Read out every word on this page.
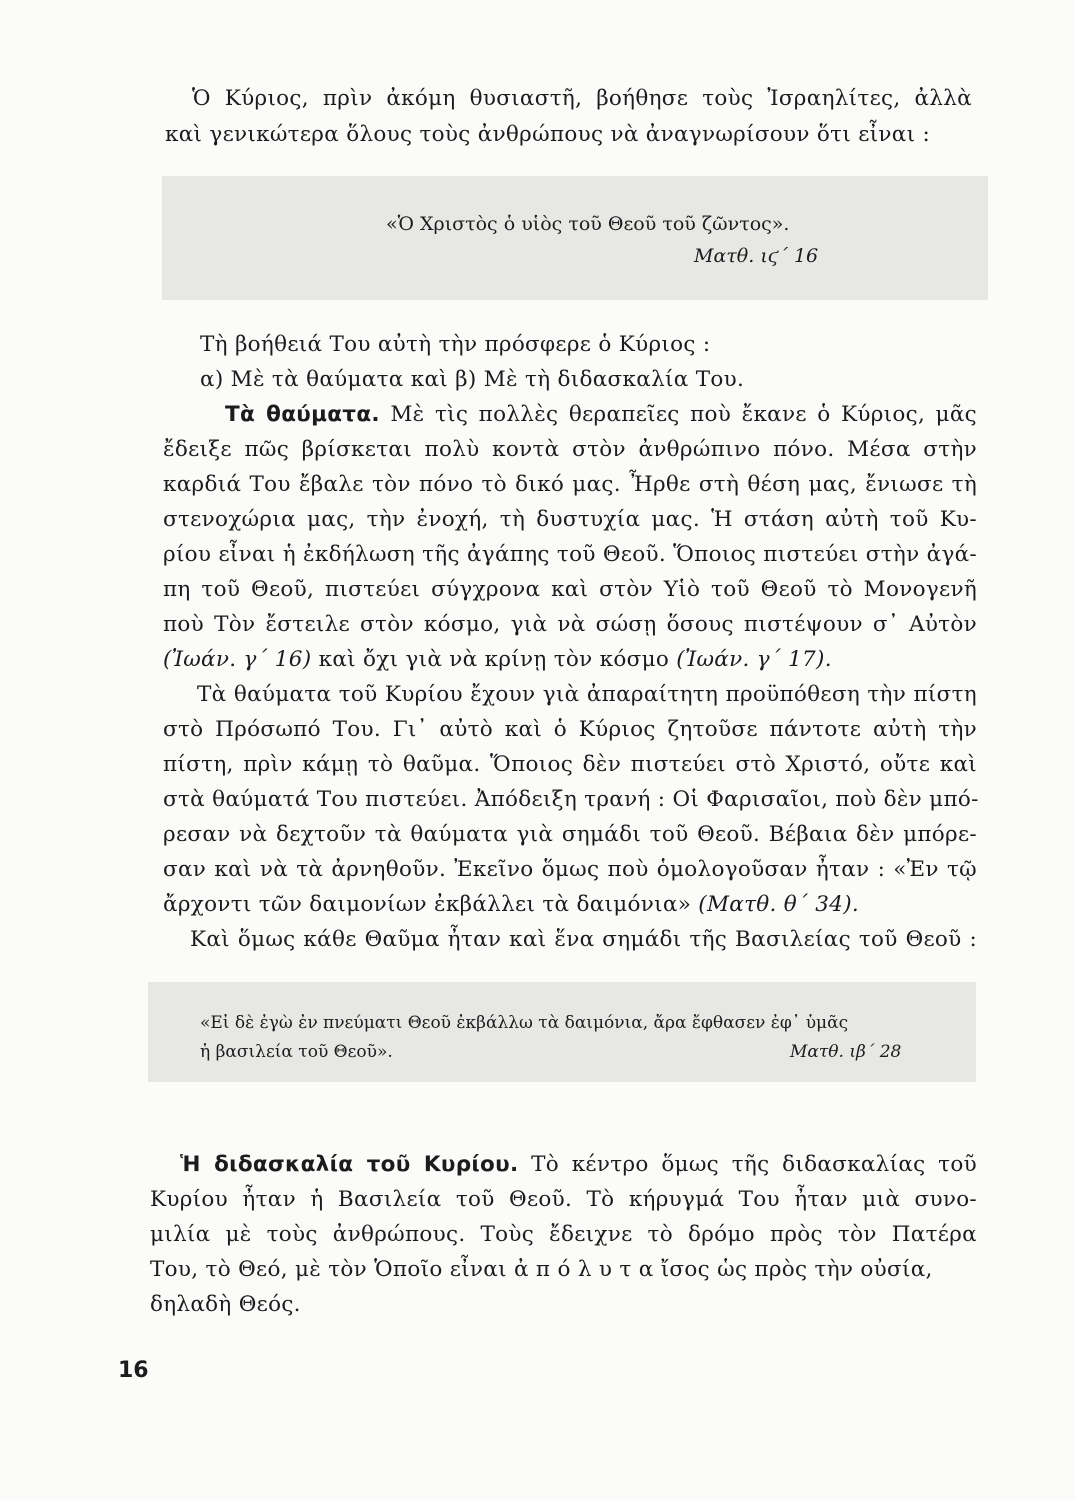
Ὁ Κύριος, πρὶν ἀκόμη θυσιαστῆ, βοήθησε τοὺς Ἰσραηλίτες, ἀλλὰ
καὶ γενικώτερα ὅλους τοὺς ἀνθρώπους νὰ ἀναγνωρίσουν ὅτι εἶναι :
«Ὁ Χριστὸς ὁ υἱὸς τοῦ Θεοῦ τοῦ ζῶντος».
Ματθ. ιϛ΄ 16
Τὴ βοήθειά Του αὐτὴ τὴν πρόσφερε ὁ Κύριος :
α) Μὲ τὰ θαύματα καὶ β) Μὲ τὴ διδασκαλία Του.
Τὰ θαύματα. Μὲ τὶς πολλὲς θεραπεῖες ποὺ ἔκανε ὁ Κύριος, μᾶς
ἔδειξε πῶς βρίσκεται πολὺ κοντὰ στὸν ἀνθρώπινο πόνο. Μέσα στὴν
καρδιά Του ἔβαλε τὸν πόνο τὸ δικό μας. Ἦρθε στὴ θέση μας, ἔνιωσε τὴ
στενοχώρια μας, τὴν ἐνοχή, τὴ δυστυχία μας. Ἡ στάση αὐτὴ τοῦ Κυ-
ρίου εἶναι ἡ ἐκδήλωση τῆς ἀγάπης τοῦ Θεοῦ. Ὅποιος πιστεύει στὴν ἀγά-
πη τοῦ Θεοῦ, πιστεύει σύγχρονα καὶ στὸν Υἱὸ τοῦ Θεοῦ τὸ Μονογενῆ
ποὺ Τὸν ἔστειλε στὸν κόσμο, γιὰ νὰ σώσῃ ὅσους πιστέψουν σ᾽ Αὐτὸν
(Ἰωάν. γ΄ 16) καὶ ὄχι γιὰ νὰ κρίνῃ τὸν κόσμο (Ἰωάν. γ΄ 17).
Τὰ θαύματα τοῦ Κυρίου ἔχουν γιὰ ἀπαραίτητη προϋπόθεση τὴν πίστη
στὸ Πρόσωπό Του. Γι᾽ αὐτὸ καὶ ὁ Κύριος ζητοῦσε πάντοτε αὐτὴ τὴν
πίστη, πρὶν κάμῃ τὸ θαῦμα. Ὅποιος δὲν πιστεύει στὸ Χριστό, οὔτε καὶ
στὰ θαύματά Του πιστεύει. Ἀπόδειξη τρανή : Οἱ Φαρισαῖοι, ποὺ δὲν μπό-
ρεσαν νὰ δεχτοῦν τὰ θαύματα γιὰ σημάδι τοῦ Θεοῦ. Βέβαια δὲν μπόρε-
σαν καὶ νὰ τὰ ἀρνηθοῦν. Ἐκεῖνο ὅμως ποὺ ὁμολογοῦσαν ἦταν : «Ἐν τῷ
ἄρχοντι τῶν δαιμονίων ἐκβάλλει τὰ δαιμόνια» (Ματθ. θ΄ 34).
Καὶ ὅμως κάθε Θαῦμα ἦταν καὶ ἕνα σημάδι τῆς Βασιλείας τοῦ Θεοῦ :
«Εἰ δὲ ἐγὼ ἐν πνεύματι Θεοῦ ἐκβάλλω τὰ δαιμόνια, ἄρα ἔφθασεν ἐφ᾽ ὑμᾶς
ἡ βασιλεία τοῦ Θεοῦ».	Ματθ. ιβ΄ 28
Ἡ διδασκαλία τοῦ Κυρίου. Τὸ κέντρο ὅμως τῆς διδασκαλίας τοῦ
Κυρίου ἦταν ἡ Βασιλεία τοῦ Θεοῦ. Τὸ κήρυγμά Του ἦταν μιὰ συνο-
μιλία μὲ τοὺς ἀνθρώπους. Τοὺς ἔδειχνε τὸ δρόμο πρὸς τὸν Πατέρα
Του, τὸ Θεό, μὲ τὸν Ὁποῖο εἶναι ἀ π ό λ υ τ α ἴσος ὡς πρὸς τὴν οὐσία,
δηλαδὴ Θεός.
16
